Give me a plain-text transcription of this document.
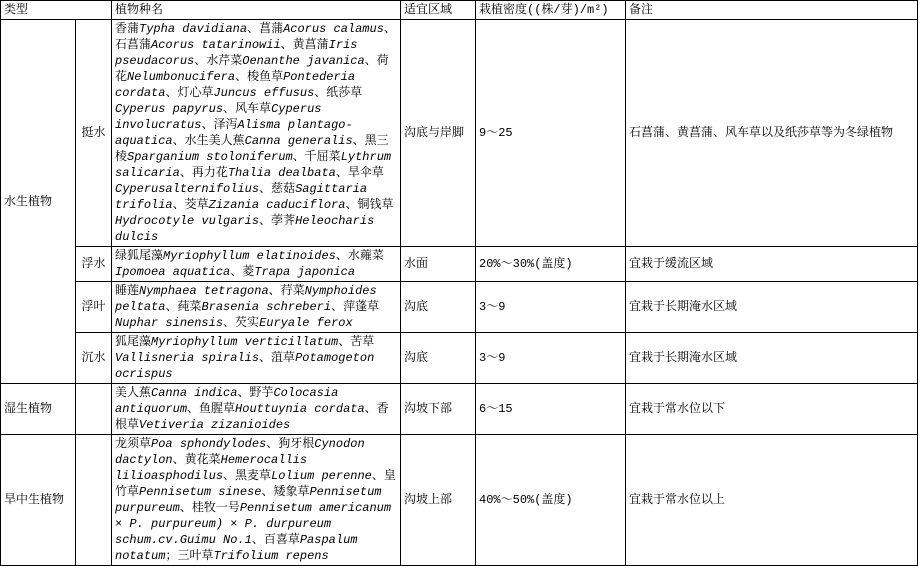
类型		植物种名	适宜区域	栽植密度((株/芽)/m²)	备注
水生植物	挺水	香蒲Typha davidiana、菖蒲Acorus calamus、石菖蒲Acorus tatarinowii、黄菖蒲Iris pseudacorus、水芹菜Oenanthe javanica、荷花Nelumbonucifera、梭鱼草Pontederia cordata、灯心草Juncus effusus、纸莎草Cyperus papyrus、风车草Cyperus involucratus、泽泻Alisma plantago-aquatica、水生美人蕉Canna generalis、黑三棱Sparganium stoloniferum、千屈菜Lythrum salicaria、再力花Thalia dealbata、旱伞草Cyperusalternifolius、慈菇Sagittaria trifolia、茭草Zizania caduciflora、铜钱草Hydrocotyle vulgaris、荸荠Heleocharis dulcis	沟底与岸脚	9～25	石菖蒲、黄菖蒲、风车草以及纸莎草等为冬绿植物
	浮水	绿狐尾藻Myriophyllum elatinoides、水蕹菜Ipomoea aquatica、菱Trapa japonica	水面	20%～30%(盖度)	宜栽于缓流区域
	浮叶	睡莲Nymphaea tetragona、荇菜Nymphoides peltata、莼菜Brasenia schreberi、萍蓬草Nuphar sinensis、芡实Euryale ferox	沟底	3～9	宜栽于长期淹水区域
	沉水	狐尾藻Myriophyllum verticillatum、苦草Vallisneria spiralis、菹草Potamogeton ocrispus	沟底	3～9	宜栽于长期淹水区域
湿生植物		美人蕉Canna indica、野芋Colocasia antiquorum、鱼腥草Houttuynia cordata、香根草Vetiveria zizanioides	沟坡下部	6～15	宜栽于常水位以下
旱中生植物		龙须草Poa sphondylodes、狗牙根Cynodon dactylon、黄花菜Hemerocallis lilioasphodilus、黑麦草Lolium perenne、皇竹草Pennisetum sinese、矮象草Pennisetum purpureum、桂牧一号Pennisetum americanum × P. purpureum) × P. durpureum schum.cv.Guimu No.1、百喜草Paspalum notatum；三叶草Trifolium repens	沟坡上部	40%～50%(盖度)	宜栽于常水位以上
